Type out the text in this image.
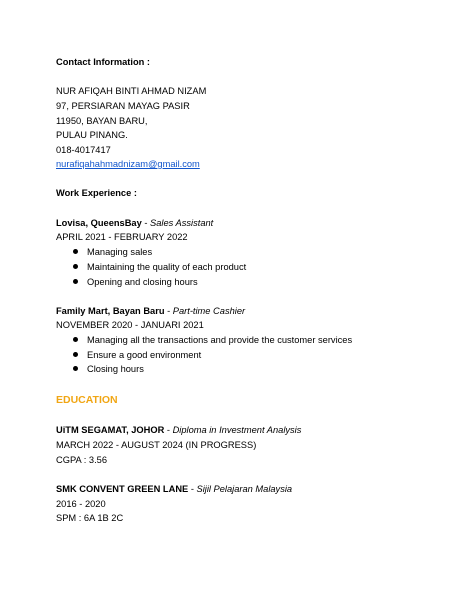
Contact Information :
NUR AFIQAH BINTI AHMAD NIZAM
97, PERSIARAN MAYAG PASIR
11950, BAYAN BARU,
PULAU PINANG.
018-4017417
nurafiqahahmadnizam@gmail.com
Work Experience :
Lovisa, QueensBay - Sales Assistant
APRIL 2021 - FEBRUARY 2022
Managing sales
Maintaining the quality of each product
Opening and closing hours
Family Mart, Bayan Baru - Part-time Cashier
NOVEMBER 2020 - JANUARI 2021
Managing all the transactions and provide the customer services
Ensure a good environment
Closing hours
EDUCATION
UiTM SEGAMAT, JOHOR - Diploma in Investment Analysis
MARCH 2022 - AUGUST 2024 (IN PROGRESS)
CGPA : 3.56
SMK CONVENT GREEN LANE - Sijil Pelajaran Malaysia
2016 - 2020
SPM : 6A 1B 2C
